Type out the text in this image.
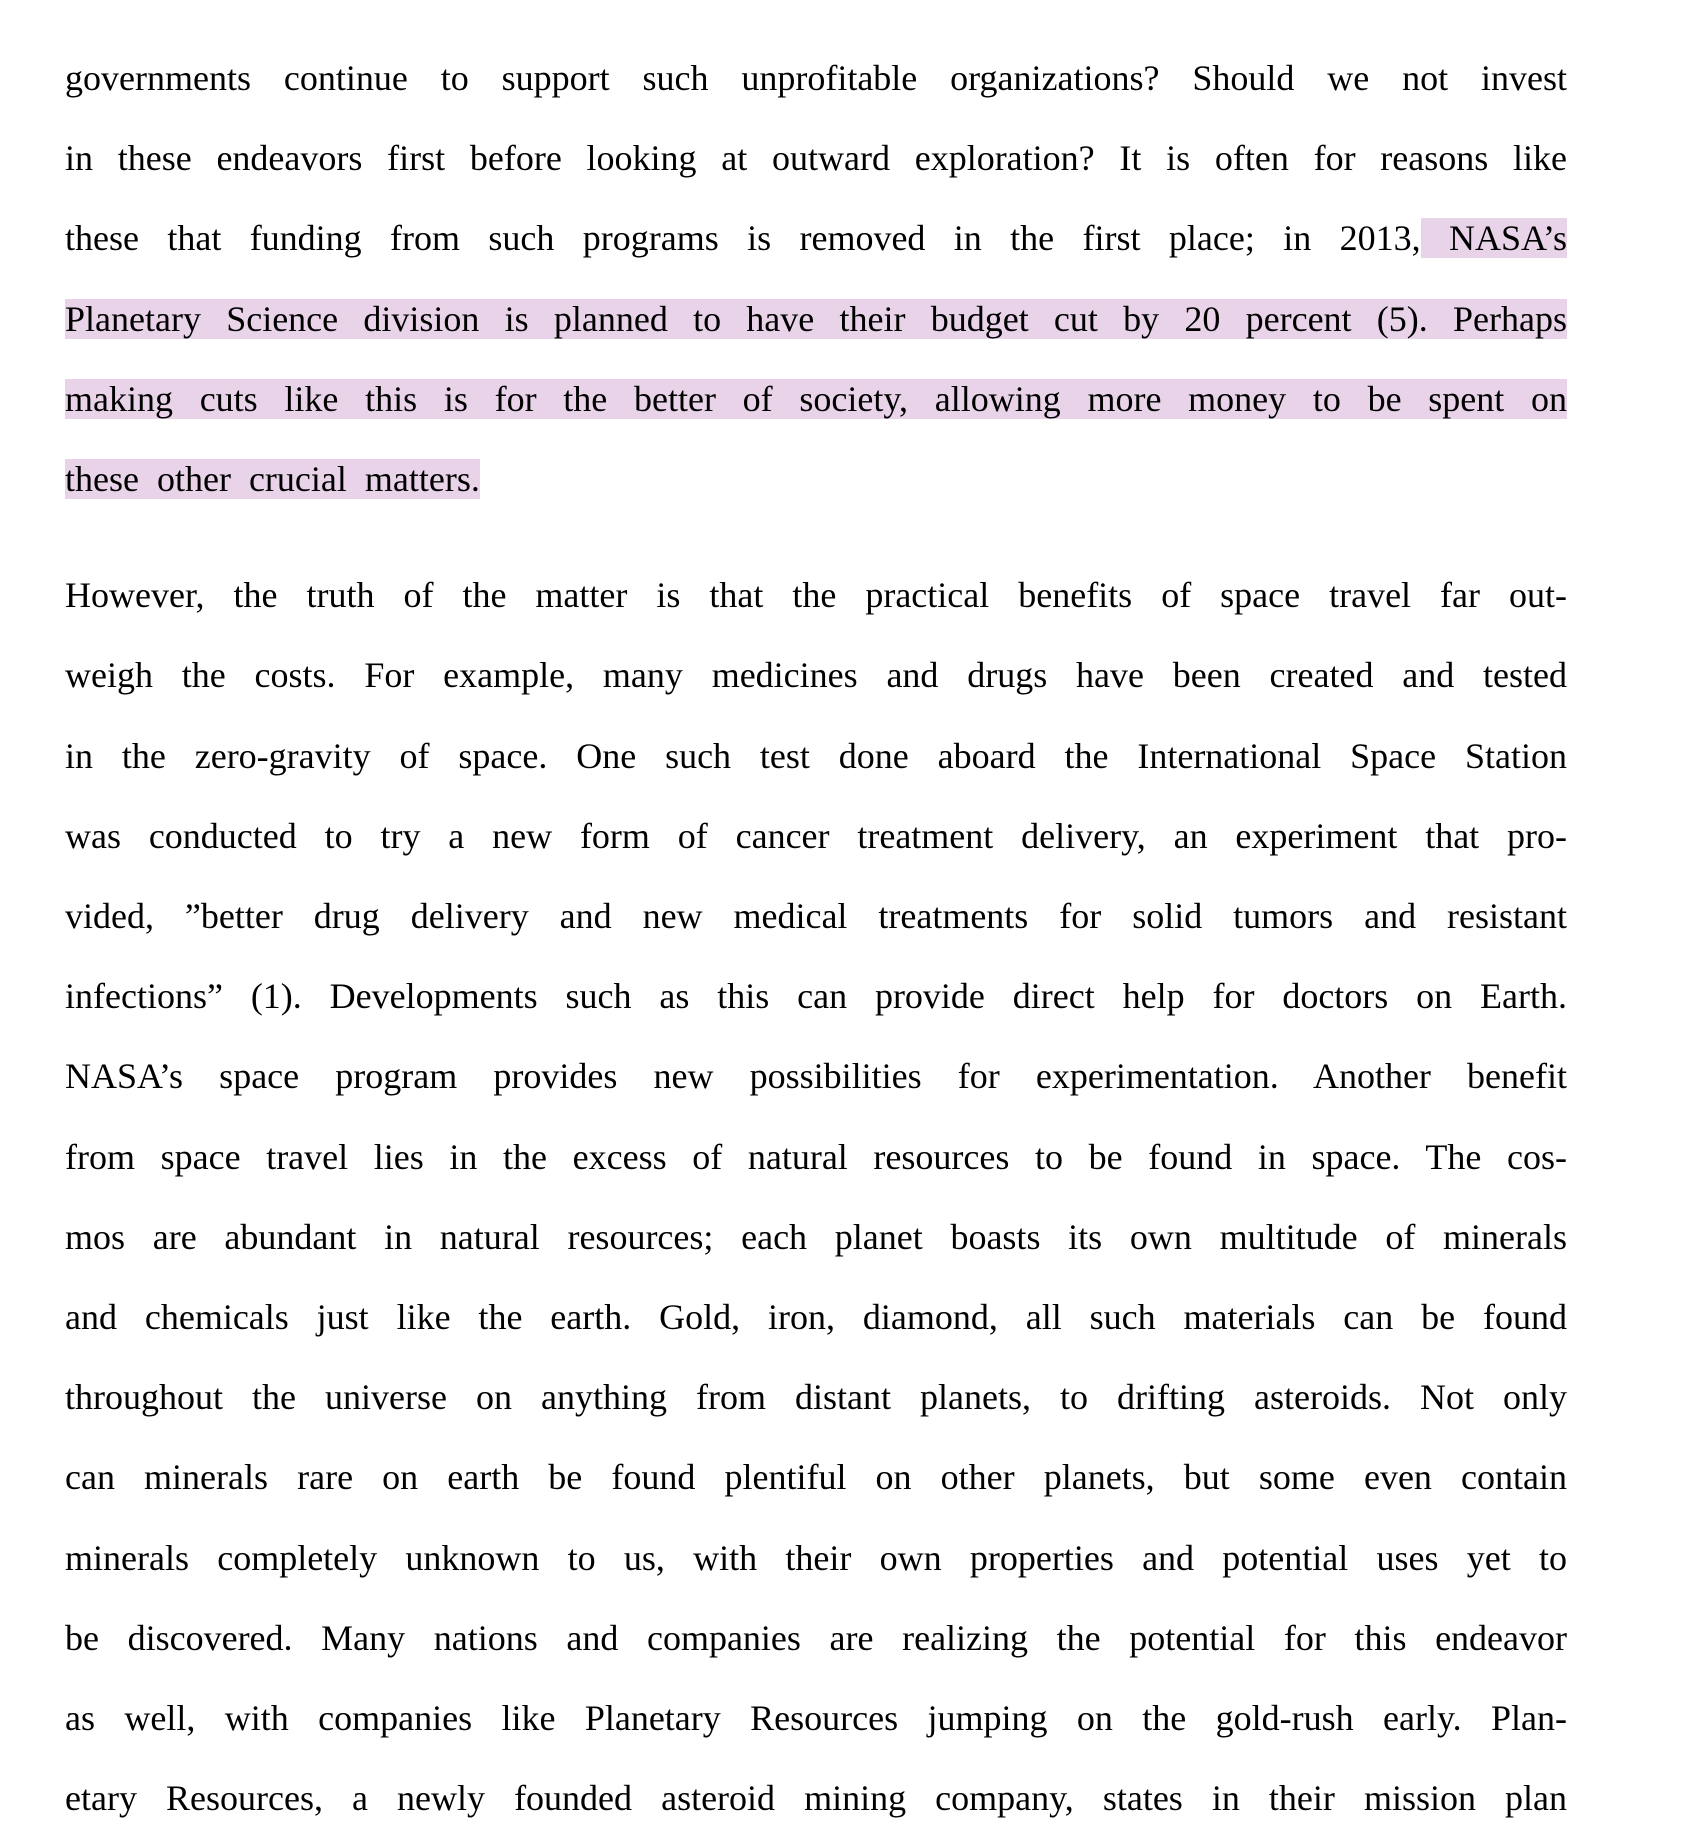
governments continue to support such unprofitable organizations? Should we not invest
in these endeavors first before looking at outward exploration? It is often for reasons like
these that funding from such programs is removed in the first place; in 2013, NASA’s
Planetary Science division is planned to have their budget cut by 20 percent (5). Perhaps
making cuts like this is for the better of society, allowing more money to be spent on
these other crucial matters.
However, the truth of the matter is that the practical benefits of space travel far out-
weigh the costs. For example, many medicines and drugs have been created and tested
in the zero-gravity of space. One such test done aboard the International Space Station
was conducted to try a new form of cancer treatment delivery, an experiment that pro-
vided, ”better drug delivery and new medical treatments for solid tumors and resistant
infections” (1). Developments such as this can provide direct help for doctors on Earth.
NASA’s space program provides new possibilities for experimentation. Another benefit
from space travel lies in the excess of natural resources to be found in space. The cos-
mos are abundant in natural resources; each planet boasts its own multitude of minerals
and chemicals just like the earth. Gold, iron, diamond, all such materials can be found
throughout the universe on anything from distant planets, to drifting asteroids. Not only
can minerals rare on earth be found plentiful on other planets, but some even contain
minerals completely unknown to us, with their own properties and potential uses yet to
be discovered. Many nations and companies are realizing the potential for this endeavor
as well, with companies like Planetary Resources jumping on the gold-rush early. Plan-
etary Resources, a newly founded asteroid mining company, states in their mission plan
